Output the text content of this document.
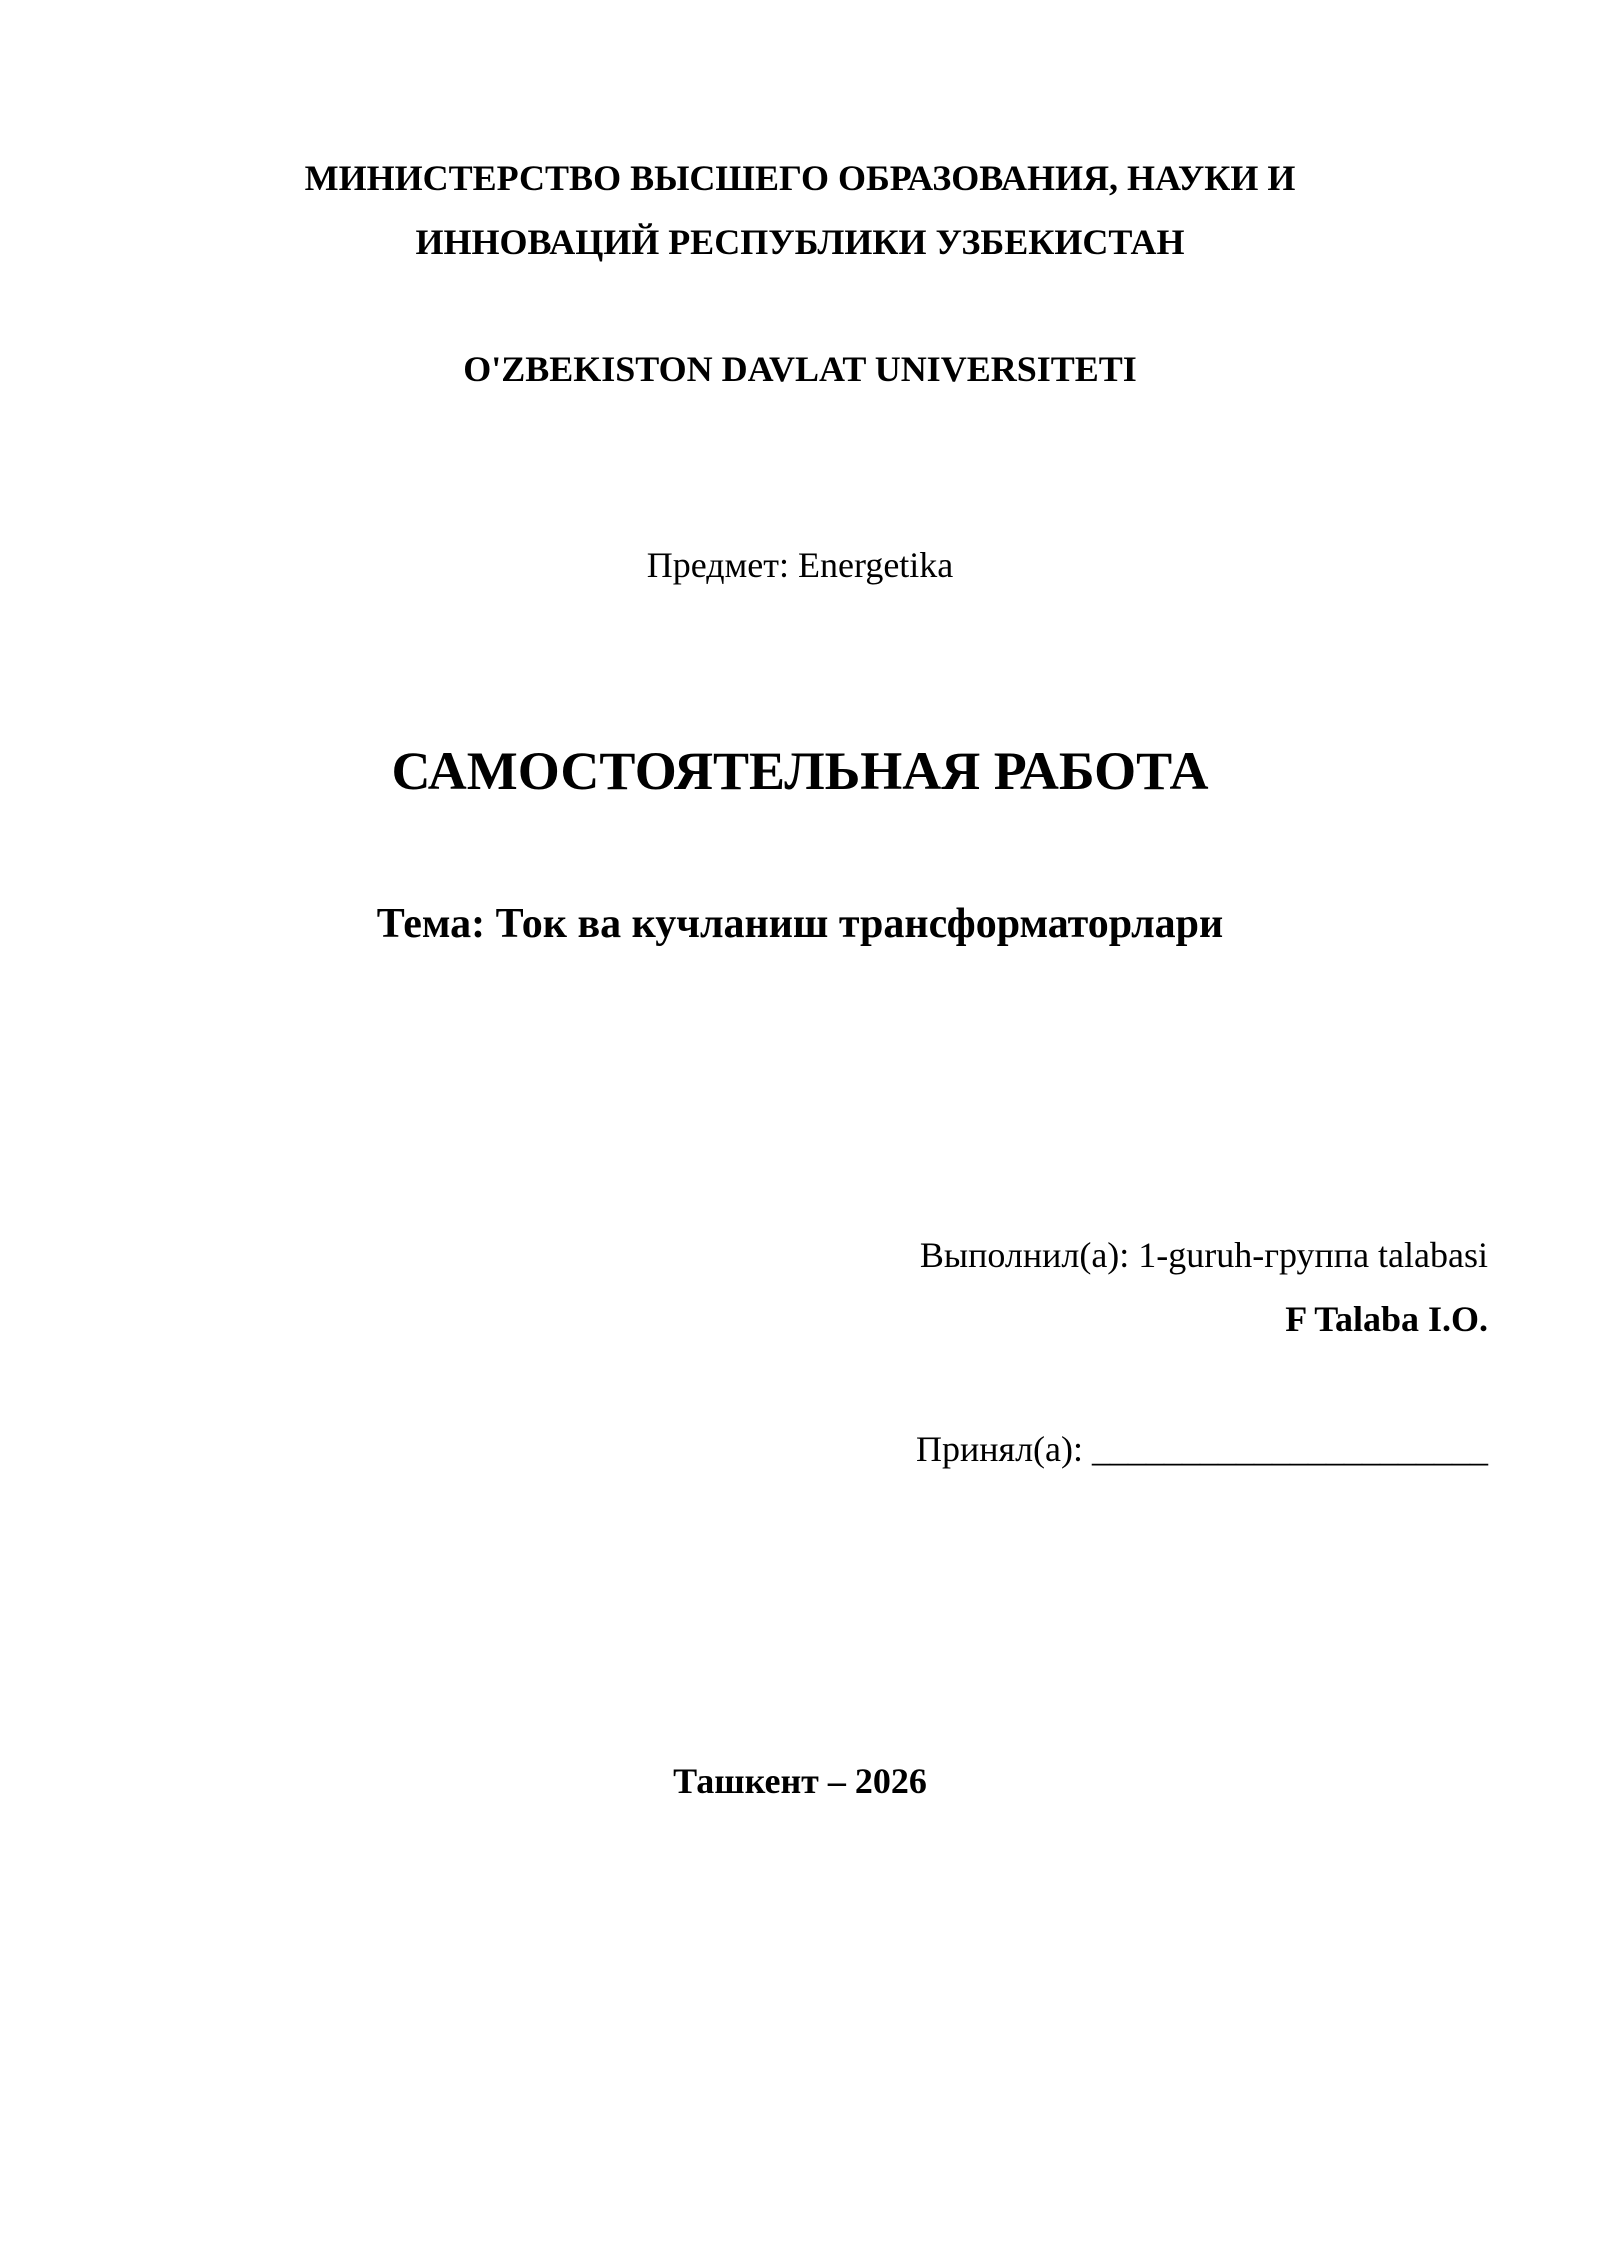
МИНИСТЕРСТВО ВЫСШЕГО ОБРАЗОВАНИЯ, НАУКИ И
ИННОВАЦИЙ РЕСПУБЛИКИ УЗБЕКИСТАН

O'ZBEKISTON DAVLAT UNIVERSITETI

Предмет: Energetika

САМОСТОЯТЕЛЬНАЯ РАБОТА

Тема: Ток ва кучланиш трансформаторлари

Выполнил(а): 1-guruh-группа talabasi

F Talaba I.O.

Принял(а): ______________________

Ташкент – 2026
